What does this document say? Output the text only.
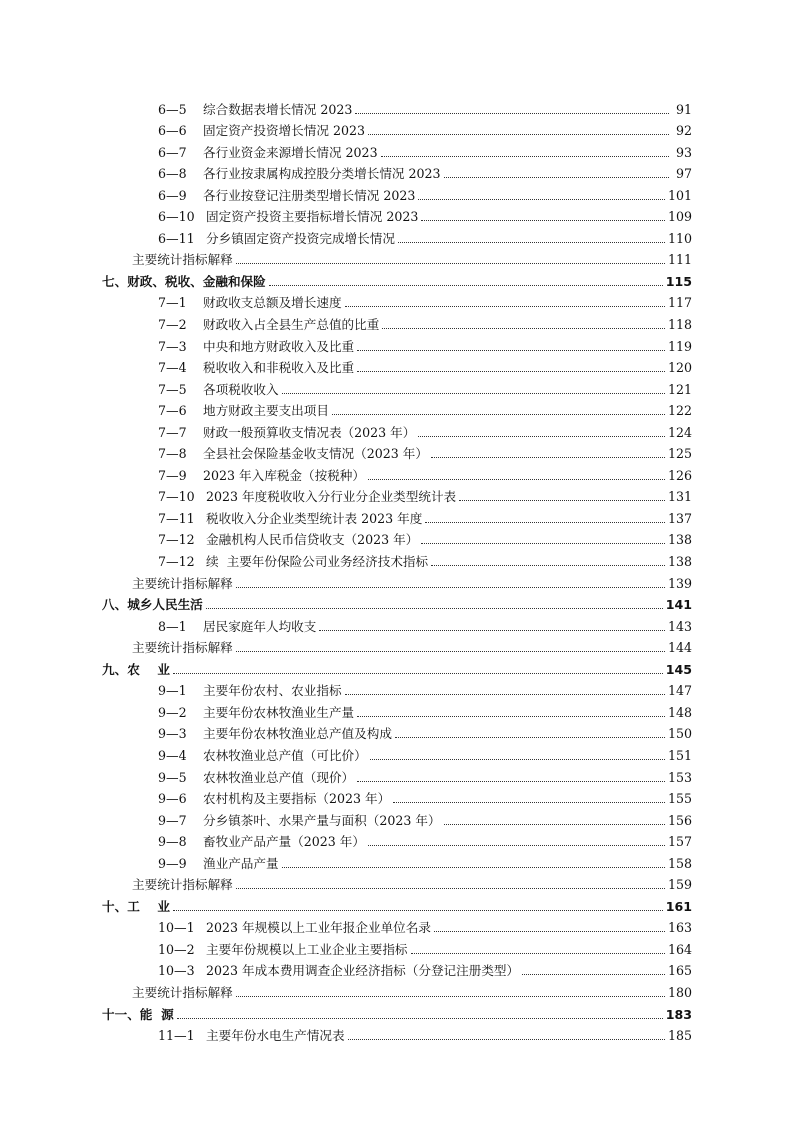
6—5	综合数据表增长情况 2023	91
6—6	固定资产投资增长情况 2023	92
6—7	各行业资金来源增长情况 2023	93
6—8	各行业按隶属构成控股分类增长情况 2023	97
6—9	各行业按登记注册类型增长情况 2023	101
6—10 固定资产投资主要指标增长情况 2023	109
6—11 分乡镇固定资产投资完成增长情况	110
主要统计指标解释	111
七、财政、税收、金融和保险	115
7—1	财政收支总额及增长速度	117
7—2	财政收入占全县生产总值的比重	118
7—3	中央和地方财政收入及比重	119
7—4	税收收入和非税收入及比重	120
7—5	各项税收收入	121
7—6	地方财政主要支出项目	122
7—7	财政一般预算收支情况表（2023 年）	124
7—8	全县社会保险基金收支情况（2023 年）	125
7—9	2023 年入库税金（按税种）	126
7—10 2023 年度税收收入分行业分企业类型统计表	131
7—11 税收收入分企业类型统计表 2023 年度	137
7—12 金融机构人民币信贷收支（2023 年）	138
7—12 续  主要年份保险公司业务经济技术指标	138
主要统计指标解释	139
八、城乡人民生活	141
8—1	居民家庭年人均收支	143
主要统计指标解释	144
九、农    业	145
9—1	主要年份农村、农业指标	147
9—2	主要年份农林牧渔业生产量	148
9—3	主要年份农林牧渔业总产值及构成	150
9—4	农林牧渔业总产值（可比价）	151
9—5	农林牧渔业总产值（现价）	153
9—6	农村机构及主要指标（2023 年）	155
9—7	分乡镇茶叶、水果产量与面积（2023 年）	156
9—8	畜牧业产品产量（2023 年）	157
9—9	渔业产品产量	158
主要统计指标解释	159
十、工    业	161
10—1 2023 年规模以上工业年报企业单位名录	163
10—2 主要年份规模以上工业企业主要指标	164
10—3 2023 年成本费用调查企业经济指标（分登记注册类型）	165
主要统计指标解释	180
十一、能  源	183
11—1 主要年份水电生产情况表	185
